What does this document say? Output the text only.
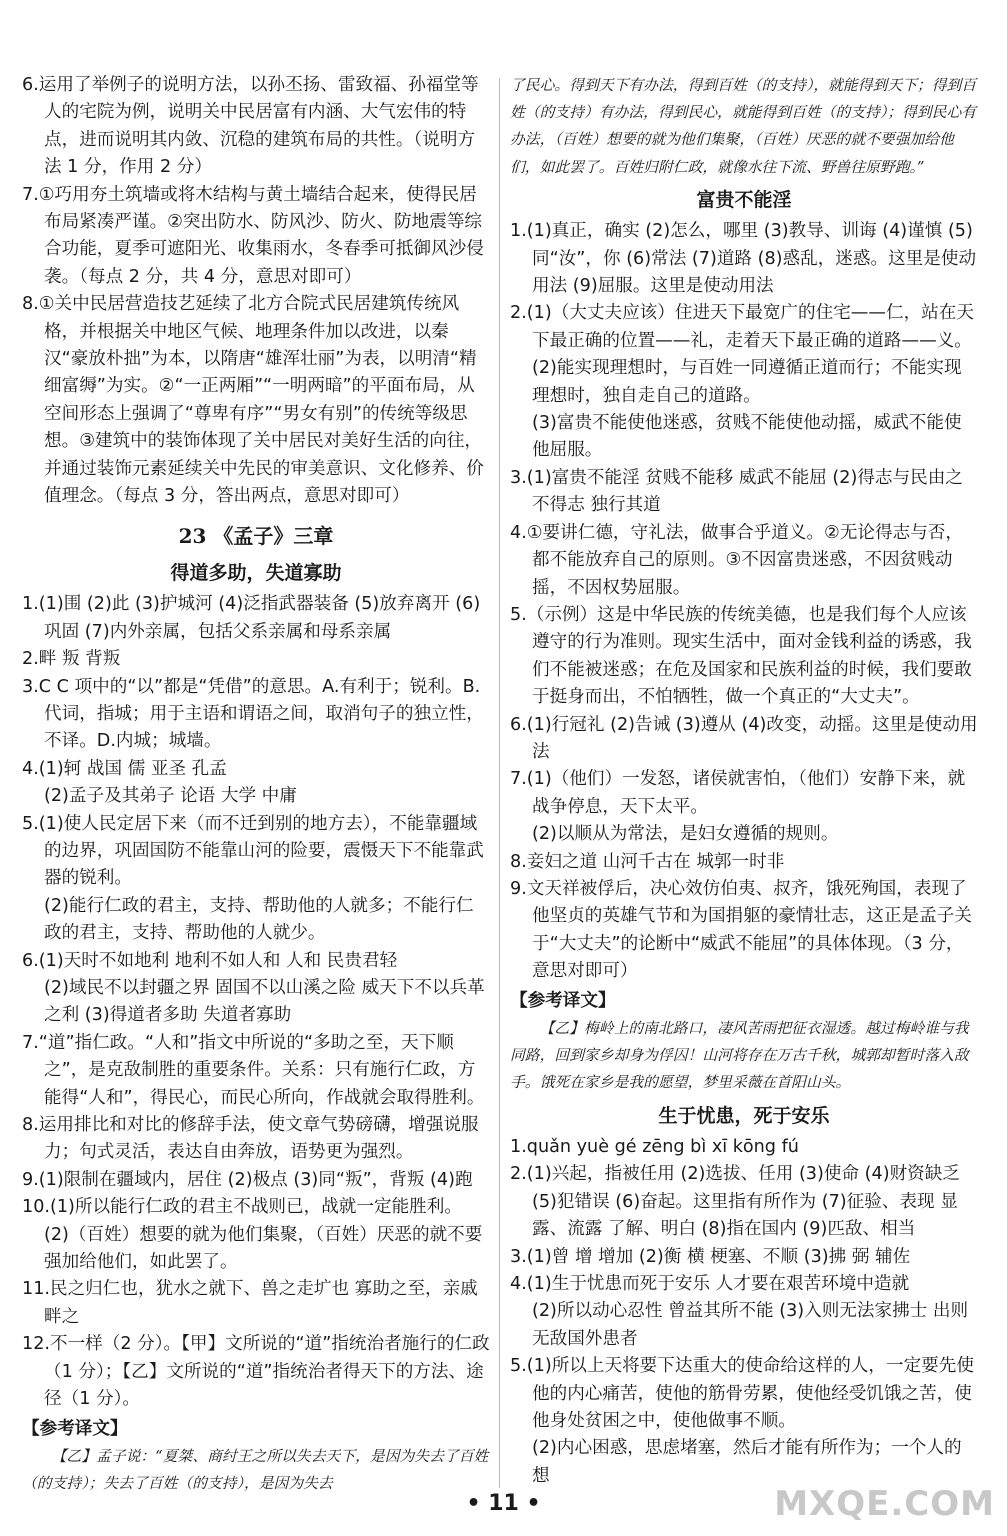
6.运用了举例子的说明方法，以孙丕扬、雷致福、孙福堂等人的宅院为例，说明关中民居富有内涵、大气宏伟的特点，进而说明其内敛、沉稳的建筑布局的共性。（说明方法 1 分，作用 2 分）

7.①巧用夯土筑墙或将木结构与黄土墙结合起来，使得民居布局紧凑严谨。②突出防水、防风沙、防火、防地震等综合功能，夏季可遮阳光、收集雨水，冬春季可抵御风沙侵袭。（每点 2 分，共 4 分，意思对即可）

8.①关中民居营造技艺延续了北方合院式民居建筑传统风格，并根据关中地区气候、地理条件加以改进，以秦汉“豪放朴拙”为本，以隋唐“雄浑壮丽”为表，以明清“精细富缛”为实。②“一正两厢”“一明两暗”的平面布局，从空间形态上强调了“尊卑有序”“男女有别”的传统等级思想。③建筑中的装饰体现了关中居民对美好生活的向往，并通过装饰元素延续关中先民的审美意识、文化修养、价值理念。（每点 3 分，答出两点，意思对即可）

23 《孟子》三章
得道多助，失道寡助

1.(1)围 (2)此 (3)护城河 (4)泛指武器装备 (5)放弃离开 (6)巩固 (7)内外亲属，包括父系亲属和母系亲属

2.畔 叛 背叛

3.C C 项中的“以”都是“凭借”的意思。A.有利于；锐利。B.代词，指城；用于主语和谓语之间，取消句子的独立性，不译。D.内城；城墙。

4.(1)轲 战国 儒 亚圣 孔孟

(2)孟子及其弟子 论语 大学 中庸

5.(1)使人民定居下来（而不迁到别的地方去），不能靠疆域的边界，巩固国防不能靠山河的险要，震慑天下不能靠武器的锐利。

(2)能行仁政的君主，支持、帮助他的人就多；不能行仁政的君主，支持、帮助他的人就少。

6.(1)天时不如地利 地利不如人和 人和 民贵君轻

(2)域民不以封疆之界 固国不以山溪之险 威天下不以兵革之利 (3)得道者多助 失道者寡助

7.“道”指仁政。“人和”指文中所说的“多助之至，天下顺之”，是克敌制胜的重要条件。关系：只有施行仁政，方能得“人和”，得民心，而民心所向，作战就会取得胜利。

8.运用排比和对比的修辞手法，使文章气势磅礴，增强说服力；句式灵活，表达自由奔放，语势更为强烈。

9.(1)限制在疆域内，居住 (2)极点 (3)同“叛”，背叛 (4)跑

10.(1)所以能行仁政的君主不战则已，战就一定能胜利。

(2)（百姓）想要的就为他们集聚，（百姓）厌恶的就不要强加给他们，如此罢了。

11.民之归仁也，犹水之就下、兽之走圹也 寡助之至，亲戚畔之

12.不一样（2 分）。【甲】文所说的“道”指统治者施行的仁政（1 分）；【乙】文所说的“道”指统治者得天下的方法、途径（1 分）。

【参考译文】

【乙】孟子说：“夏桀、商纣王之所以失去天下，是因为失去了百姓（的支持）；失去了百姓（的支持），是因为失去

了民心。得到天下有办法，得到百姓（的支持），就能得到天下；得到百姓（的支持）有办法，得到民心，就能得到百姓（的支持）；得到民心有办法，（百姓）想要的就为他们集聚，（百姓）厌恶的就不要强加给他们，如此罢了。百姓归附仁政，就像水往下流、野兽往原野跑。”

富贵不能淫

1.(1)真正，确实 (2)怎么，哪里 (3)教导、训诲 (4)谨慎 (5)同“汝”，你 (6)常法 (7)道路 (8)惑乱，迷惑。这里是使动用法 (9)屈服。这里是使动用法

2.(1)（大丈夫应该）住进天下最宽广的住宅——仁，站在天下最正确的位置——礼，走着天下最正确的道路——义。

(2)能实现理想时，与百姓一同遵循正道而行；不能实现理想时，独自走自己的道路。

(3)富贵不能使他迷惑，贫贱不能使他动摇，威武不能使他屈服。

3.(1)富贵不能淫 贫贱不能移 威武不能屈 (2)得志与民由之 不得志 独行其道

4.①要讲仁德，守礼法，做事合乎道义。②无论得志与否，都不能放弃自己的原则。③不因富贵迷惑，不因贫贱动摇，不因权势屈服。

5.（示例）这是中华民族的传统美德，也是我们每个人应该遵守的行为准则。现实生活中，面对金钱利益的诱惑，我们不能被迷惑；在危及国家和民族利益的时候，我们要敢于挺身而出，不怕牺牲，做一个真正的“大丈夫”。

6.(1)行冠礼 (2)告诫 (3)遵从 (4)改变，动摇。这里是使动用法

7.(1)（他们）一发怒，诸侯就害怕，（他们）安静下来，就战争停息，天下太平。

(2)以顺从为常法，是妇女遵循的规则。

8.妾妇之道 山河千古在 城郭一时非

9.文天祥被俘后，决心效仿伯夷、叔齐，饿死殉国，表现了他坚贞的英雄气节和为国捐躯的豪情壮志，这正是孟子关于“大丈夫”的论断中“威武不能屈”的具体体现。（3 分，意思对即可）

【参考译文】

【乙】梅岭上的南北路口，凄风苦雨把征衣湿透。越过梅岭谁与我同路，回到家乡却身为俘囚！山河将存在万古千秋，城郭却暂时落入敌手。饿死在家乡是我的愿望，梦里采薇在首阳山头。

生于忧患，死于安乐

1.quǎn yuè gé zēng bì xī kōng fú

2.(1)兴起，指被任用 (2)选拔、任用 (3)使命 (4)财资缺乏 (5)犯错误 (6)奋起。这里指有所作为 (7)征验、表现 显露、流露 了解、明白 (8)指在国内 (9)匹敌、相当

3.(1)曾 增 增加 (2)衡 横 梗塞、不顺 (3)拂 弼 辅佐

4.(1)生于忧患而死于安乐 人才要在艰苦环境中造就

(2)所以动心忍性 曾益其所不能 (3)入则无法家拂士 出则无敌国外患者

5.(1)所以上天将要下达重大的使命给这样的人，一定要先使他的内心痛苦，使他的筋骨劳累，使他经受饥饿之苦，使他身处贫困之中，使他做事不顺。

(2)内心困惑，思虑堵塞，然后才能有所作为；一个人的想

• 11 •	MXQE.COM
